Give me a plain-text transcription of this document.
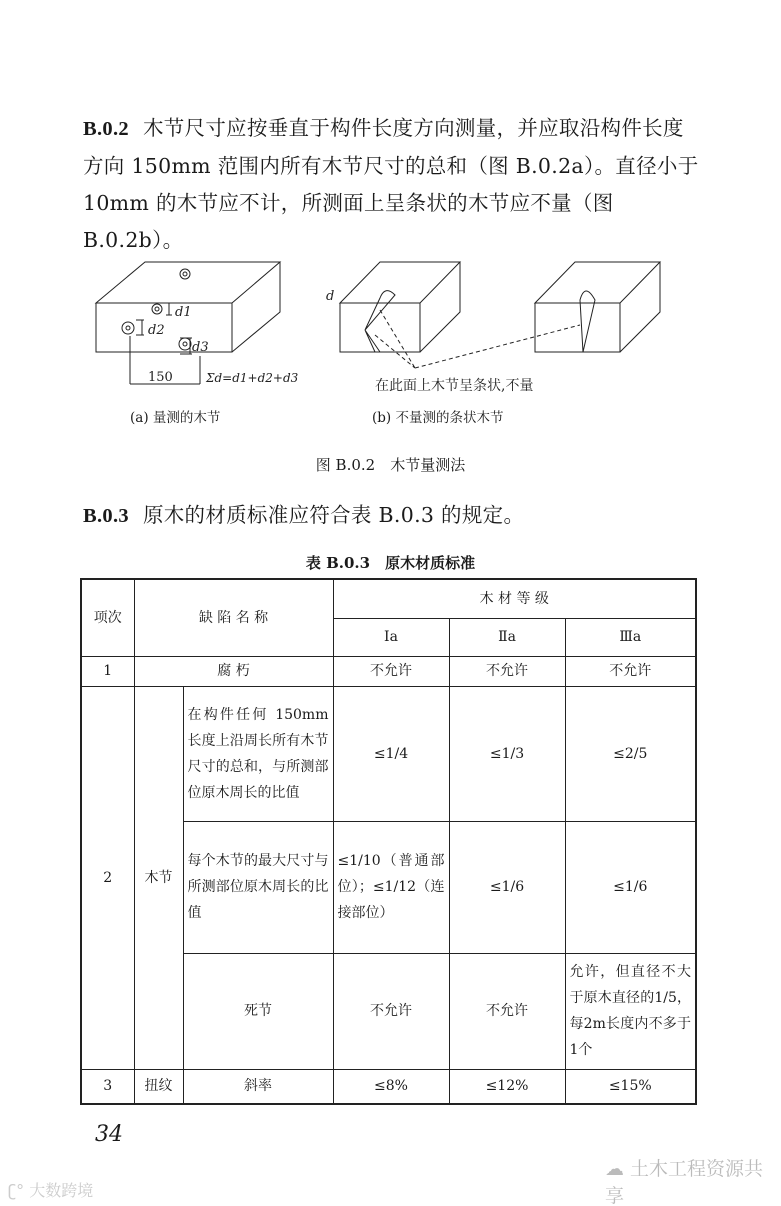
B.0.2 木节尺寸应按垂直于构件长度方向测量，并应取沿构件长度方向 150mm 范围内所有木节尺寸的总和（图 B.0.2a）。直径小于 10mm 的木节应不计，所测面上呈条状的木节应不量（图 B.0.2b）。
d1
d2
d3
150	Σd=d1+d2+d3
d
在此面上木节呈条状,不量
(a) 量测的木节	(b) 不量测的条状木节
图 B.0.2　木节量测法
B.0.3 原木的材质标准应符合表 B.0.3 的规定。
表 B.0.3　原木材质标准
项次	缺 陷 名 称		木 材 等 级		
			Ⅰa	Ⅱa	Ⅲa
1	腐 朽		不允许	不允许	不允许
2	木节	在构件任何 150mm 长度上沿周长所有木节尺寸的总和，与所测部位原木周长的比值	≤1/4	≤1/3	≤2/5
		每个木节的最大尺寸与所测部位原木周长的比值	≤1/10（普通部位）；≤1/12（连接部位）	≤1/6	≤1/6
		死节	不允许	不允许	允许，但直径不大于原木直径的1/5，每2m长度内不多于1个
3	扭纹	斜率	≤8%	≤12%	≤15%
34
☁ 土木工程资源共享
ʗ° 大数跨境
